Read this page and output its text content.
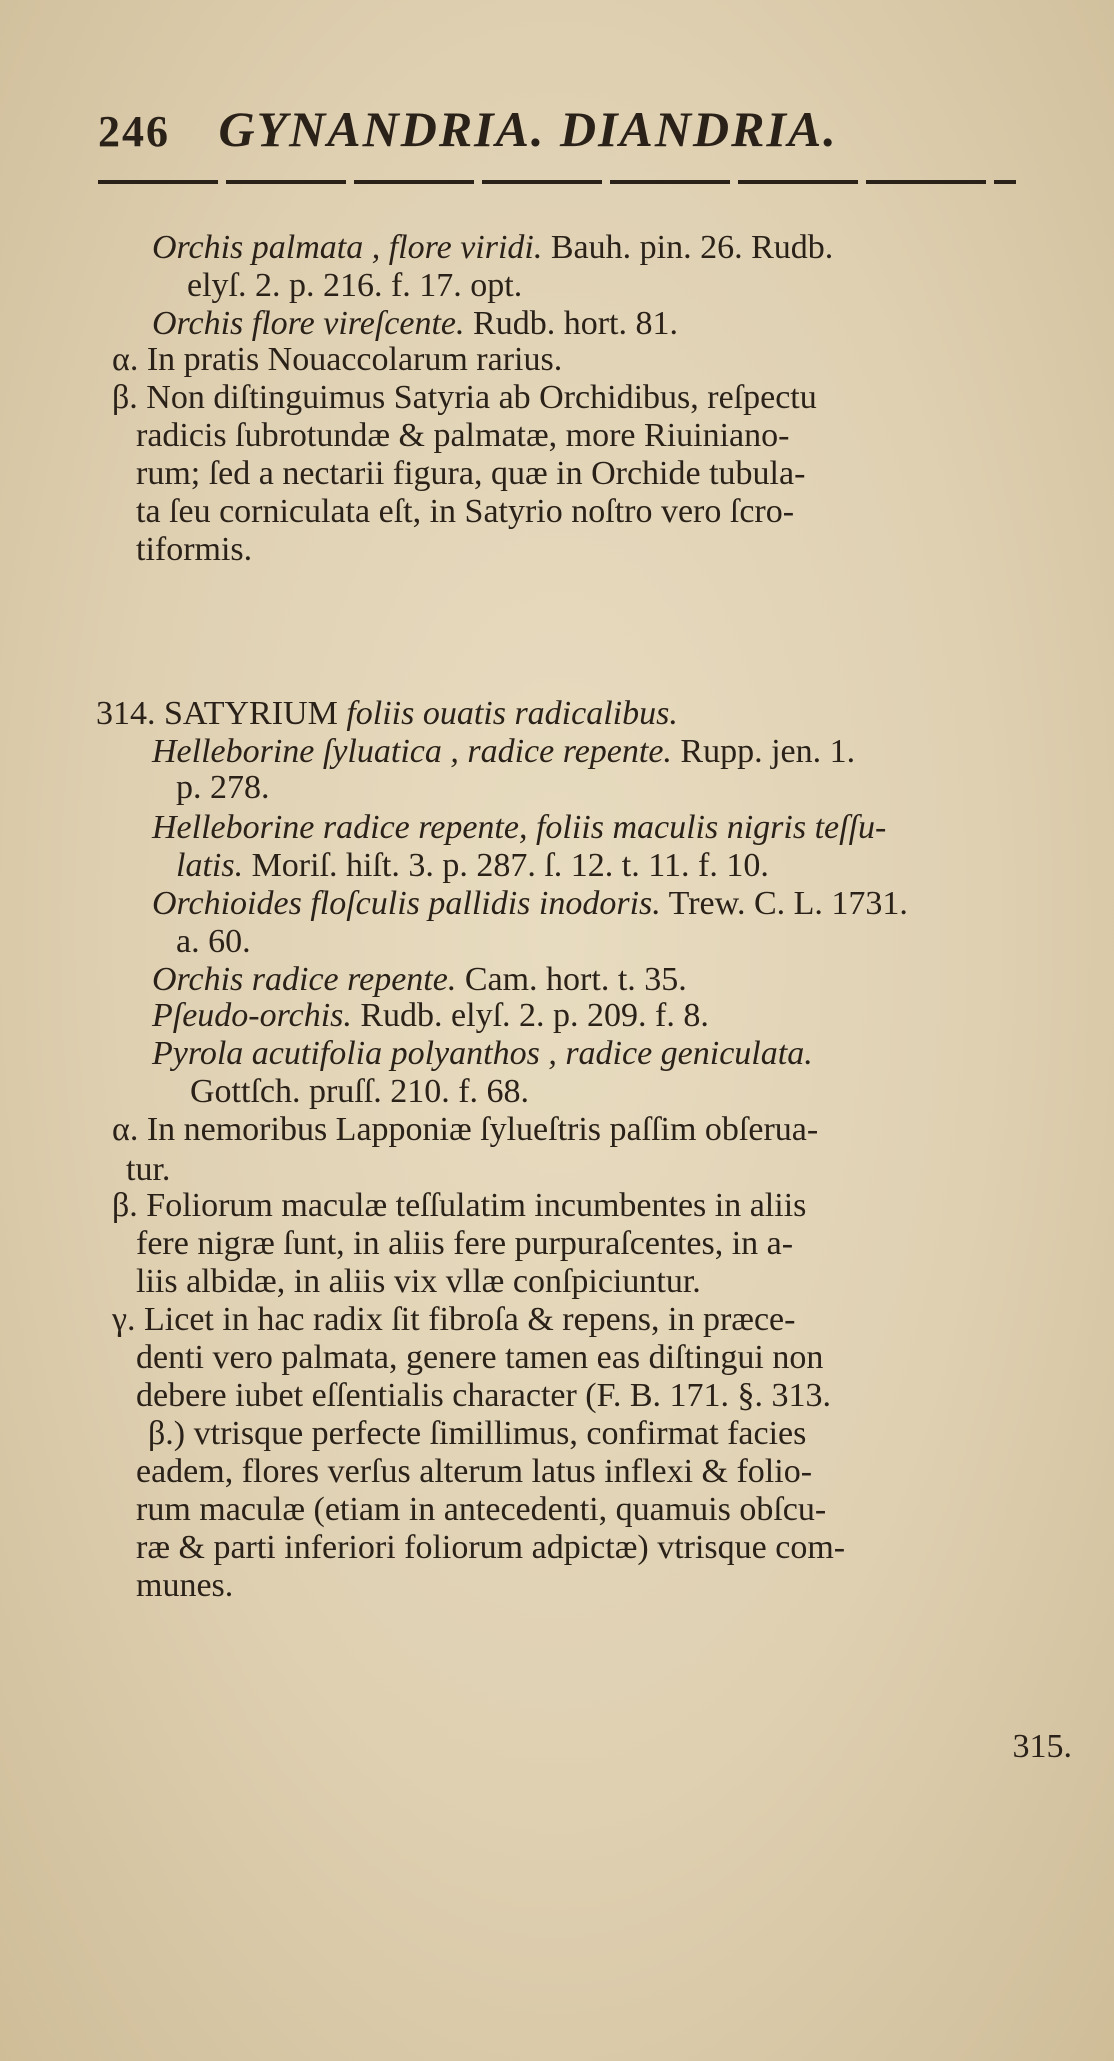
246 GYNANDRIA. DIANDRIA.
Orchis palmata , flore viridi. Bauh. pin. 26. Rudb.
elyſ. 2. p. 216. f. 17. opt.
Orchis flore vireſcente. Rudb. hort. 81.
α. In pratis Nouaccolarum rarius.
β. Non diſtinguimus Satyria ab Orchidibus, reſpectu
radicis ſubrotundæ & palmatæ, more Riuiniano-
rum; ſed a nectarii figura, quæ in Orchide tubula-
ta ſeu corniculata eſt, in Satyrio noſtro vero ſcro-
tiformis.
314. SATYRIUM foliis ouatis radicalibus.
Helleborine ſyluatica , radice repente. Rupp. jen. 1.
p. 278.
Helleborine radice repente, foliis maculis nigris teſſu-
latis. Moriſ. hiſt. 3. p. 287. ſ. 12. t. 11. f. 10.
Orchioides floſculis pallidis inodoris. Trew. C. L. 1731.
a. 60.
Orchis radice repente. Cam. hort. t. 35.
Pſeudo-orchis. Rudb. elyſ. 2. p. 209. f. 8.
Pyrola acutifolia polyanthos , radice geniculata.
Gottſch. pruſſ. 210. f. 68.
α. In nemoribus Lapponiæ ſylueſtris paſſim obſerua-
tur.
β. Foliorum maculæ teſſulatim incumbentes in aliis
fere nigræ ſunt, in aliis fere purpuraſcentes, in a-
liis albidæ, in aliis vix vllæ conſpiciuntur.
γ. Licet in hac radix ſit fibroſa & repens, in præce-
denti vero palmata, genere tamen eas diſtingui non
debere iubet eſſentialis character (F. B. 171. §. 313.
β.) vtrisque perfecte ſimillimus, confirmat facies
eadem, flores verſus alterum latus inflexi & folio-
rum maculæ (etiam in antecedenti, quamuis obſcu-
ræ & parti inferiori foliorum adpictæ) vtrisque com-
munes.
315.
